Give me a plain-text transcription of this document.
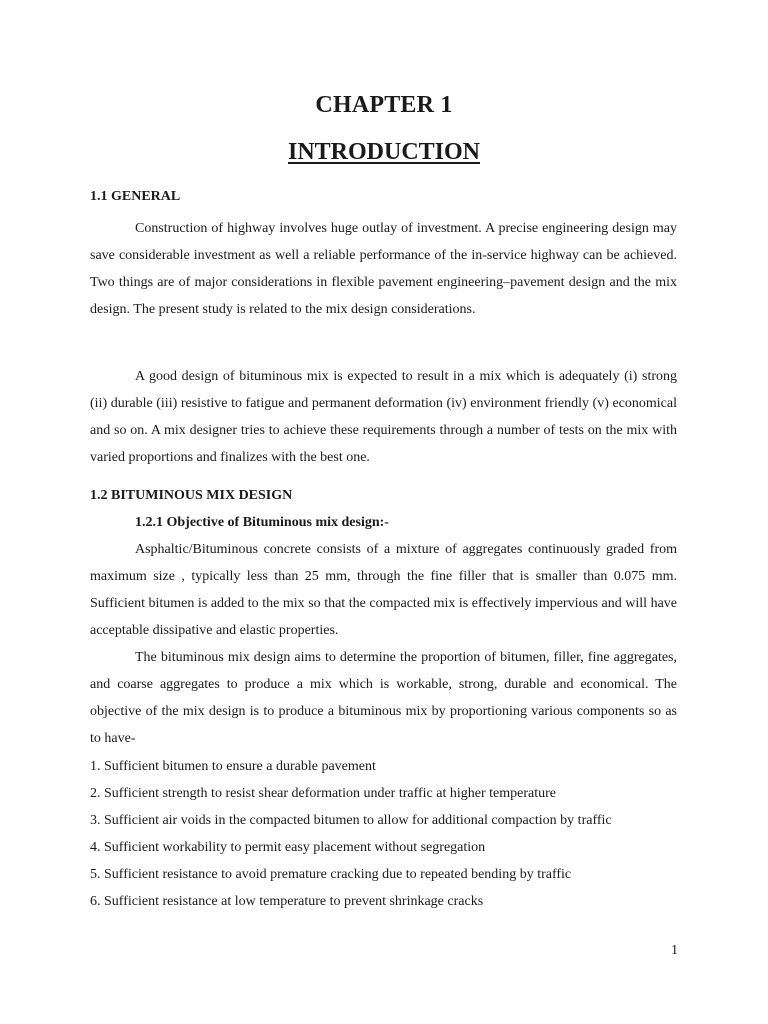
CHAPTER 1
INTRODUCTION
1.1 GENERAL

Construction of highway involves huge outlay of investment. A precise engineering design may save considerable investment as well a reliable performance of the in-service highway can be achieved. Two things are of major considerations in flexible pavement engineering–pavement design and the mix design. The present study is related to the mix design considerations.

A good design of bituminous mix is expected to result in a mix which is adequately (i) strong (ii) durable (iii) resistive to fatigue and permanent deformation (iv) environment friendly (v) economical and so on. A mix designer tries to achieve these requirements through a number of tests on the mix with varied proportions and finalizes with the best one.

1.2 BITUMINOUS MIX DESIGN
1.2.1 Objective of Bituminous mix design:-

Asphaltic/Bituminous concrete consists of a mixture of aggregates continuously graded from maximum size , typically less than 25 mm, through the fine filler that is smaller than 0.075 mm. Sufficient bitumen is added to the mix so that the compacted mix is effectively impervious and will have acceptable dissipative and elastic properties.

The bituminous mix design aims to determine the proportion of bitumen, filler, fine aggregates, and coarse aggregates to produce a mix which is workable, strong, durable and economical. The objective of the mix design is to produce a bituminous mix by proportioning various components so as to have-

1. Sufficient bitumen to ensure a durable pavement
2. Sufficient strength to resist shear deformation under traffic at higher temperature
3. Sufficient air voids in the compacted bitumen to allow for additional compaction by traffic
4. Sufficient workability to permit easy placement without segregation
5. Sufficient resistance to avoid premature cracking due to repeated bending by traffic
6. Sufficient resistance at low temperature to prevent shrinkage cracks
1
